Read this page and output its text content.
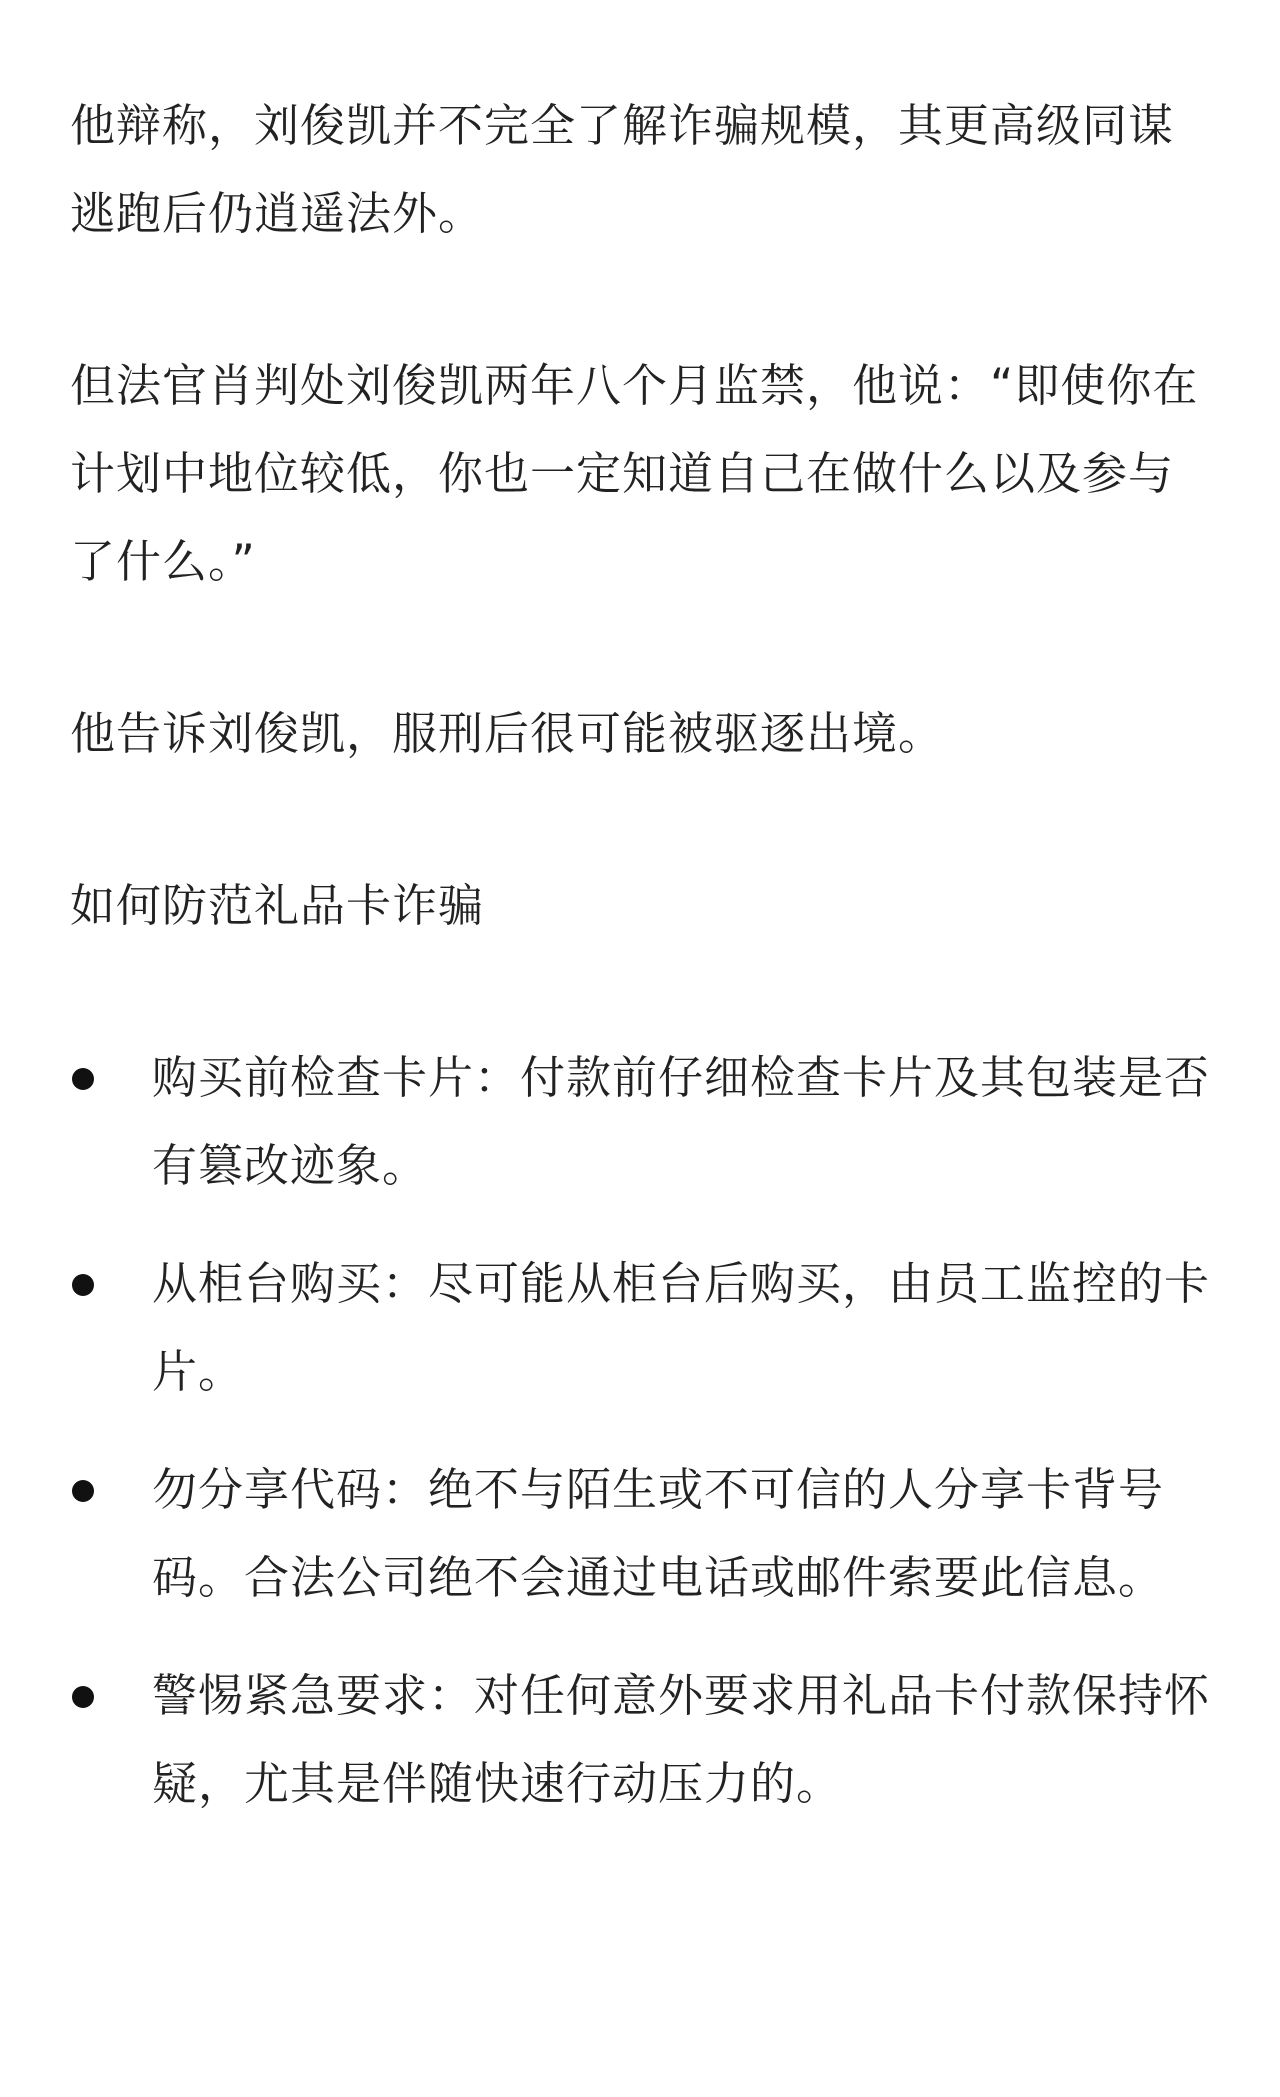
他辩称，刘俊凯并不完全了解诈骗规模，其更高级同谋逃跑后仍逍遥法外。

但法官肖判处刘俊凯两年八个月监禁，他说：“即使你在计划中地位较低，你也一定知道自己在做什么以及参与了什么。”

他告诉刘俊凯，服刑后很可能被驱逐出境。

如何防范礼品卡诈骗

购买前检查卡片：付款前仔细检查卡片及其包装是否有篡改迹象。
从柜台购买：尽可能从柜台后购买，由员工监控的卡片。
勿分享代码：绝不与陌生或不可信的人分享卡背号码。合法公司绝不会通过电话或邮件索要此信息。
警惕紧急要求：对任何意外要求用礼品卡付款保持怀疑，尤其是伴随快速行动压力的。
